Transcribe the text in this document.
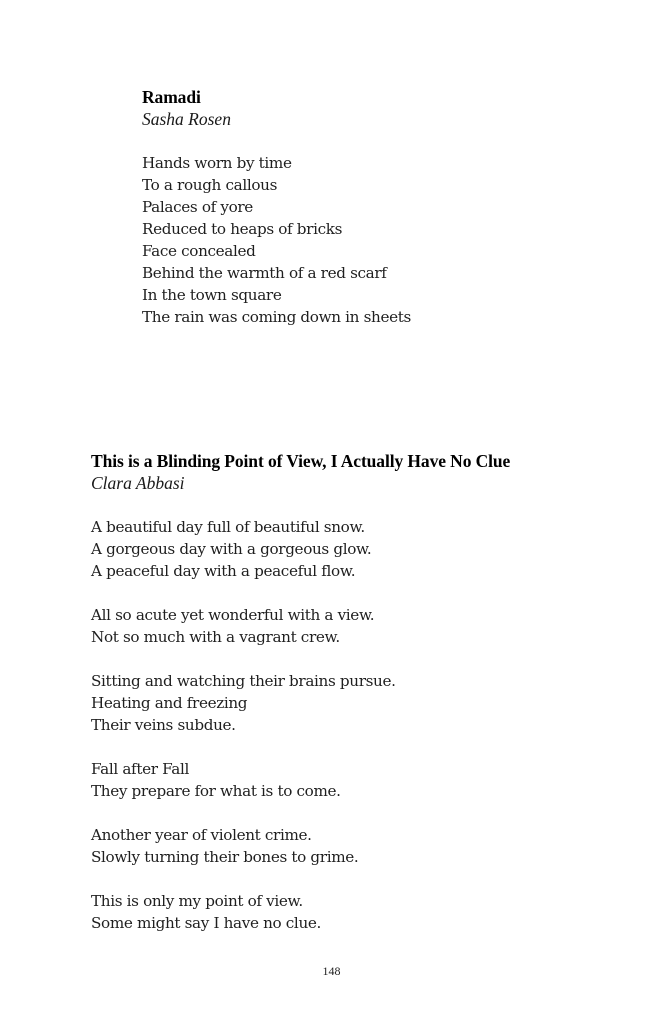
Ramadi
Sasha Rosen
Hands worn by time
To a rough callous
Palaces of yore
Reduced to heaps of bricks
Face concealed
Behind the warmth of a red scarf
In the town square
The rain was coming down in sheets
This is a Blinding Point of View, I Actually Have No Clue
Clara Abbasi
A beautiful day full of beautiful snow.
A gorgeous day with a gorgeous glow.
A peaceful day with a peaceful flow.
All so acute yet wonderful with a view.
Not so much with a vagrant crew.
Sitting and watching their brains pursue.
Heating and freezing
Their veins subdue.
Fall after Fall
They prepare for what is to come.
Another year of violent crime.
Slowly turning their bones to grime.
This is only my point of view.
Some might say I have no clue.
148
